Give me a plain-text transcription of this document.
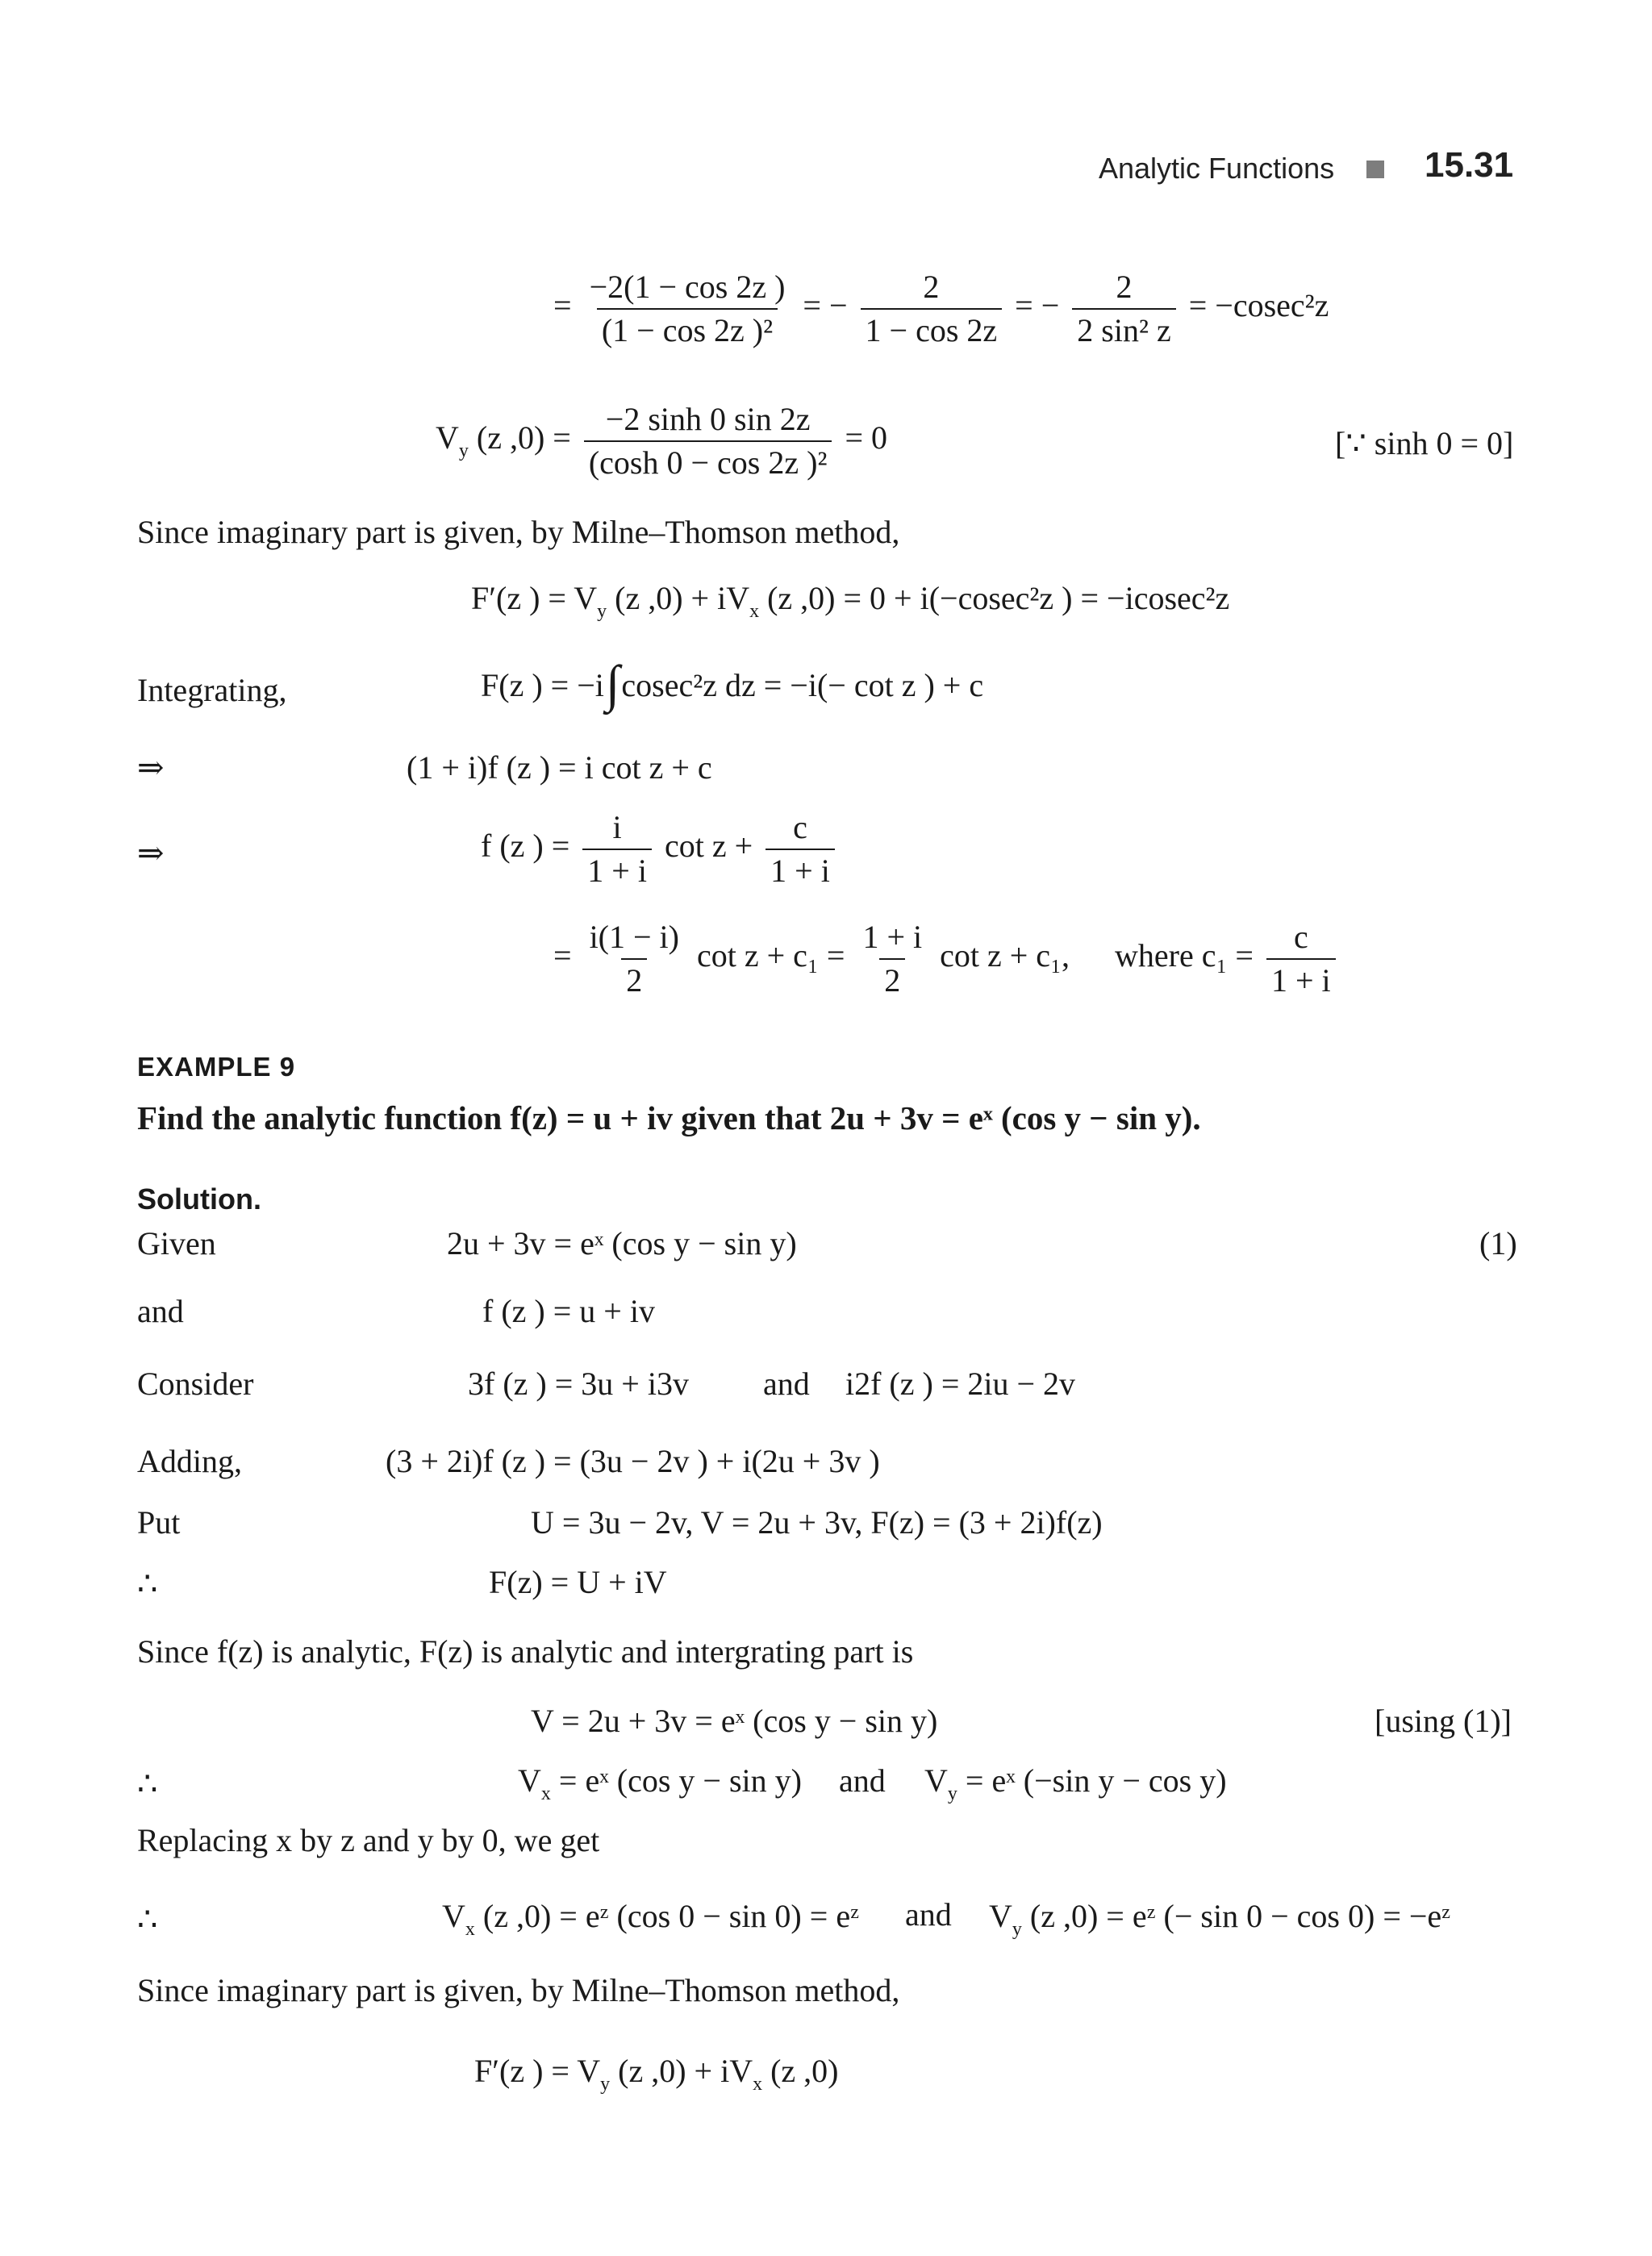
Analytic Functions	15.31
= $\frac{-2(1 - \cos 2z )}{\text{(1 − cos 2z )²}}$ = − $\frac{2}{1 - \cos 2z}$ = − $\frac{2}{\text{2 sin² z}} = -cosec^2z$
$V_y$ (z $,0) = \frac{-2 \sinh 0 \sin 2z}{\text{(cosh 0 − cos 2z )²}} = 0$	[∵ sinh 0 = 0]
Since imaginary part is given, by Milne–Thomson method,
F′(z ) = $V_y$ (z $,0) + iV_x$ (z ,0) = 0 + i(−cosec²z ) = −icosec²z
Integrating,	F(z ) = −i∫cosec²z dz = −i(− cot z ) + c
⇒	(1 + i)f (z ) = i cot z + c
⇒	f (z ) = $\frac{i}{1 + i}$ $\cot z + \frac{c}{1 + i}$
= $\frac{i(1 - i)}{2}$ $\cot z + c_1 = \frac{1 + i}{2}$ cot z + c₁, where $c_1 = \frac{c}{1 + i}$
EXAMPLE 9
Find the analytic function f(z) = u + iv given that 2u + 3v = eˣ (cos y − sin y).
Solution.
Given	2u + 3v = eˣ (cos y − sin y)	(1)
and	f (z ) = u + iv
Consider	3f (z ) = 3u + i3v and i2f (z ) = 2iu − 2v
Adding,	(3 + 2i)f (z ) = (3u − 2v ) + i(2u + 3v )
Put	U = 3u − 2v, V = 2u + 3v, F(z) = (3 + 2i)f(z)
∴	F(z) = U + iV
Since f(z) is analytic, F(z) is analytic and intergrating part is
V = 2u + 3v = eˣ (cos y − sin y)	[using (1)]
∴	$V_x$ = eˣ (cos y − sin y) and $V_y$ = eˣ (−sin y − cos y)
Replacing x by z and y by 0, we get
∴	$V_x$ (z ,0) = eᶻ (cos 0 − sin 0) = eᶻ and $V_y$ (z ,0) = eᶻ (− sin 0 − cos 0) = −eᶻ
Since imaginary part is given, by Milne–Thomson method,
F′(z ) = $V_y$ (z $,0) + iV_x$ (z ,0)
